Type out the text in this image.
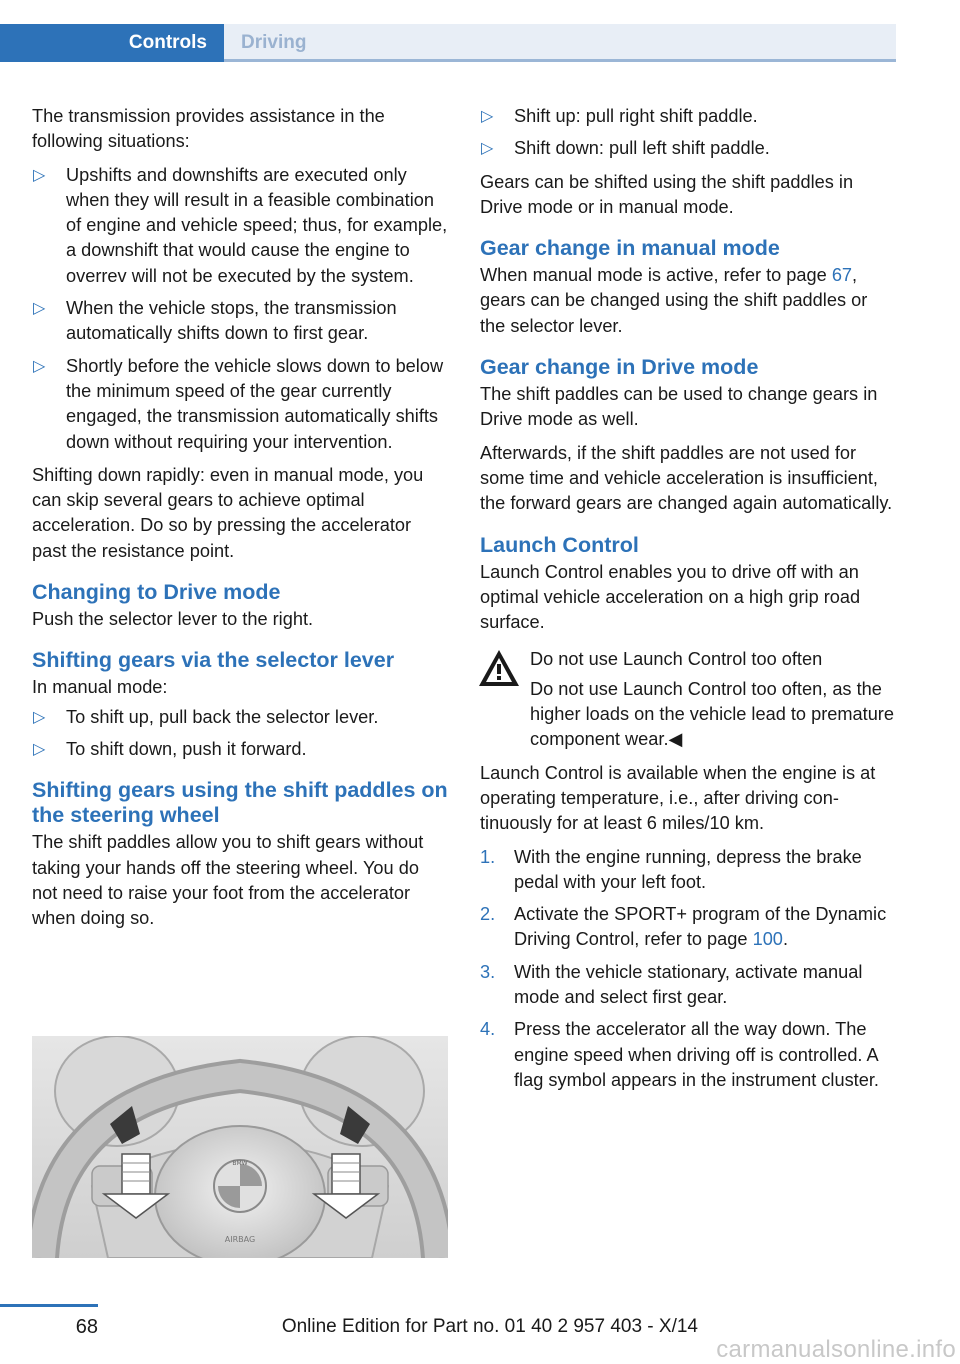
Controls	Driving

The transmission provides assistance in the following situations:

▷ Upshifts and downshifts are executed only when they will result in a feasible combination of engine and vehicle speed; thus, for example, a downshift that would cause the engine to overrev will not be executed by the system.
▷ When the vehicle stops, the transmission automatically shifts down to first gear.
▷ Shortly before the vehicle slows down to below the minimum speed of the gear currently engaged, the transmission automatically shifts down without requiring your intervention.

Shifting down rapidly: even in manual mode, you can skip several gears to achieve optimal acceleration. Do so by pressing the accelerator past the resistance point.

Changing to Drive mode

Push the selector lever to the right.

Shifting gears via the selector lever

In manual mode:

▷ To shift up, pull back the selector lever.
▷ To shift down, push it forward.
Shifting gears using the shift paddles on the steering wheel

The shift paddles allow you to shift gears without taking your hands off the steering wheel. You do not need to raise your foot from the accelerator when doing so.

BMW
AIRBAG
▷ Shift up: pull right shift paddle.
▷ Shift down: pull left shift paddle.

Gears can be shifted using the shift paddles in Drive mode or in manual mode.

Gear change in manual mode

When manual mode is active, refer to page 67, gears can be changed using the shift paddles or the selector lever.

Gear change in Drive mode

The shift paddles can be used to change gears in Drive mode as well.

Afterwards, if the shift paddles are not used for some time and vehicle acceleration is insufficient, the forward gears are changed again automatically.

Launch Control

Launch Control enables you to drive off with an optimal vehicle acceleration on a high grip road surface.

Do not use Launch Control too often
Do not use Launch Control too often, as the higher loads on the vehicle lead to premature component wear.◀

Launch Control is available when the engine is at operating temperature, i.e., after driving continuously for at least 6 miles/10 km.

1. With the engine running, depress the brake pedal with your left foot.
2. Activate the SPORT+ program of the Dynamic Driving Control, refer to page 100.
3. With the vehicle stationary, activate manual mode and select first gear.
4. Press the accelerator all the way down. The engine speed when driving off is controlled. A flag symbol appears in the instrument cluster.
68	Online Edition for Part no. 01 40 2 957 403 - X/14
carmanualsonline.info
